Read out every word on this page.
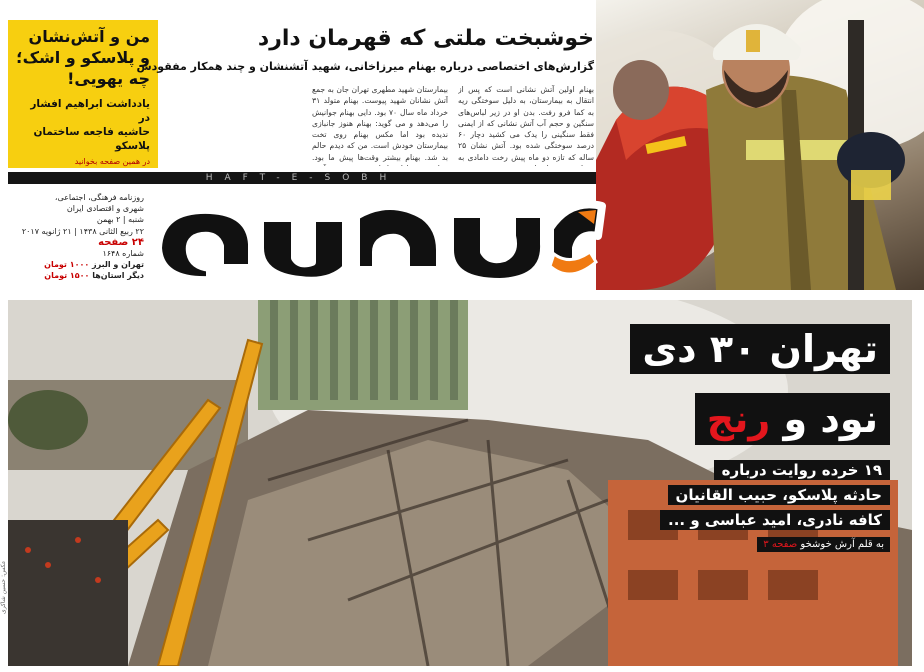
من و آتش‌نشان
و پلاسکو و اشک؛
چه یهویی!
یادداشت ابراهیم افشار در
حاشیه فاجعه ساختمان پلاسکو
در همین صفحه بخوانید
خوشبخت ملتی که قهرمان دارد
گزارش‌های اختصاصی درباره بهنام میرزاخانی، شهید آتشنشان و چند همکار مفقودش
بهنام اولین آتش نشانی است که پس از انتقال به بیمارستان، به دلیل سوختگی ریه به کما فرو رفت. بدن او در زیر لباس‌های سنگین و حجم آب آتش نشانی که از ایمنی فقط سنگینی را یدک می کشید دچار ۶۰ درصد سوختگی شده بود. آتش نشان ۲۵ ساله که تازه دو ماه پیش رخت دامادی به
بیمارستان شهید مطهری تهران جان به جمع آتش نشانان شهید پیوست. بهنام متولد ۳۱ خرداد ماه سال ۷۰ بود. دایی بهنام جوانیش را می‌دهد و می گوید: بهنام هنوز جانبازی ندیده بود اما مکس بهنام روی تخت بیمارستان خودش است. من که دیدم حالم بد شد. بهنام بیشتر وقت‌ها پیش ما بود.
HAFT-E-SOBH
روزنامه فرهنگی، اجتماعی،
شهری و اقتصادی ایران
شنبه | ۲ بهمن
۲۲ ربیع الثانی ۱۴۳۸ | ۲۱ ژانویه ۲۰۱۷
۲۴ صفحه
شماره ۱۶۴۸
تهران و البرز ۱۰۰۰ تومان
دیگر استان‌ها ۱۵۰۰ تومان
عکس: حسین شاکری
تهران ۳۰ دی
نود و رنج
۱۹ خرده روایت درباره
حادثه پلاسکو، حبیب القانیان
کافه نادری، امید عباسی و ...
به قلم آرش خوشخو صفحه ۳
